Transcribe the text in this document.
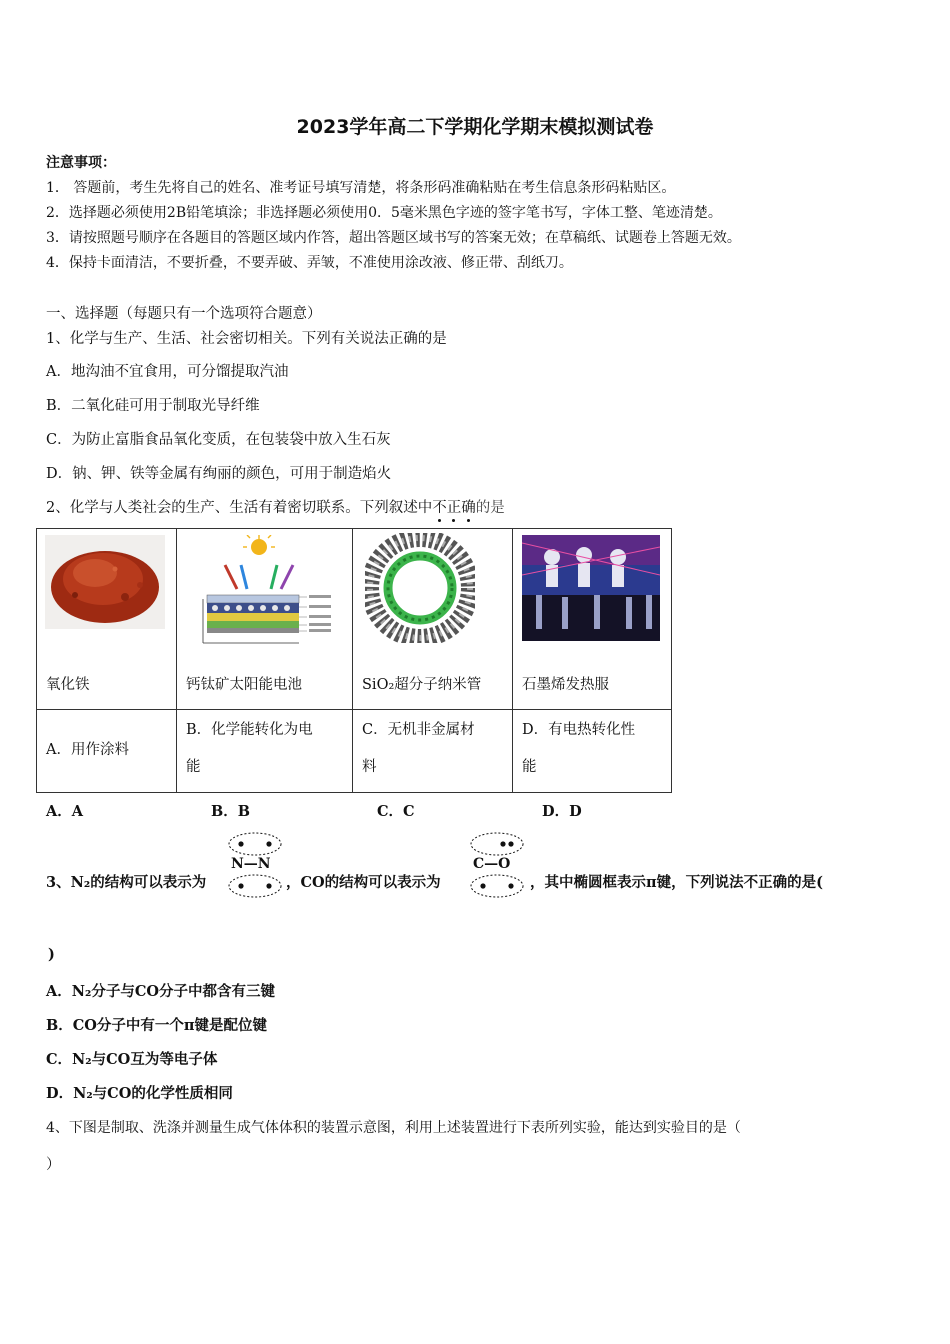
2023学年高二下学期化学期末模拟测试卷
注意事项：
1． 答题前，考生先将自己的姓名、准考证号填写清楚，将条形码准确粘贴在考生信息条形码粘贴区。
2．选择题必须使用2B铅笔填涂；非选择题必须使用0．5毫米黑色字迹的签字笔书写，字体工整、笔迹清楚。
3．请按照题号顺序在各题目的答题区域内作答，超出答题区域书写的答案无效；在草稿纸、试题卷上答题无效。
4．保持卡面清洁，不要折叠，不要弄破、弄皱，不准使用涂改液、修正带、刮纸刀。
一、选择题（每题只有一个选项符合题意）
1、化学与生产、生活、社会密切相关。下列有关说法正确的是
A．地沟油不宜食用，可分馏提取汽油
B．二氧化硅可用于制取光导纤维
C．为防止富脂食品氧化变质，在包装袋中放入生石灰
D．钠、钾、铁等金属有绚丽的颜色，可用于制造焰火
2、化学与人类社会的生产、生活有着密切联系。下列叙述中不正确
的是
氧化铁	钙钛矿太阳能电池	SiO₂超分子纳米管	石墨烯发热服

A．用作涂料	B．化学能转化为电
能	C．无机非金属材
料	D．有电热转化性
能
A．A	B．B	C．C	D．D
3、N₂的结构可以表示为
N—N
，CO的结构可以表示为
C—O
，其中椭圆框表示π键，下列说法不正确的是(
)
A．N₂分子与CO分子中都含有三键
B．CO分子中有一个π键是配位键
C．N₂与CO互为等电子体
D．N₂与CO的化学性质相同
4、下图是制取、洗涤并测量生成气体体积的装置示意图，利用上述装置进行下表所列实验，能达到实验目的是（
）
